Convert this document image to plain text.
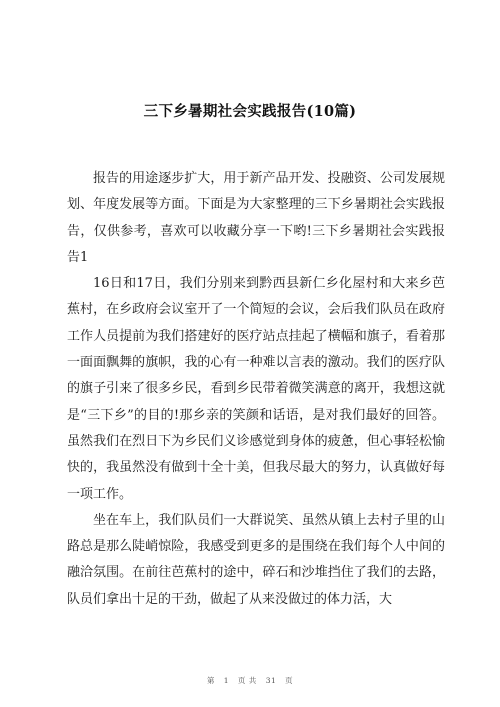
三下乡暑期社会实践报告(10篇)

报告的用途逐步扩大，用于新产品开发、投融资、公司发展规划、年度发展等方面。下面是为大家整理的三下乡暑期社会实践报告，仅供参考，喜欢可以收藏分享一下哟!三下乡暑期社会实践报告1

16日和17日，我们分别来到黔西县新仁乡化屋村和大来乡芭蕉村，在乡政府会议室开了一个简短的会议，会后我们队员在政府工作人员提前为我们搭建好的医疗站点挂起了横幅和旗子，看着那一面面飘舞的旗帜，我的心有一种难以言表的激动。我们的医疗队的旗子引来了很多乡民，看到乡民带着微笑满意的离开，我想这就是“三下乡”的目的!那乡亲的笑颜和话语，是对我们最好的回答。虽然我们在烈日下为乡民们义诊感觉到身体的疲惫，但心事轻松愉快的，我虽然没有做到十全十美，但我尽最大的努力，认真做好每一项工作。

坐在车上，我们队员们一大群说笑、虽然从镇上去村子里的山路总是那么陡峭惊险，我感受到更多的是围绕在我们每个人中间的融洽氛围。在前往芭蕉村的途中，碎石和沙堆挡住了我们的去路，队员们拿出十足的干劲，做起了从来没做过的体力活，大

第 1 页 共 31 页
